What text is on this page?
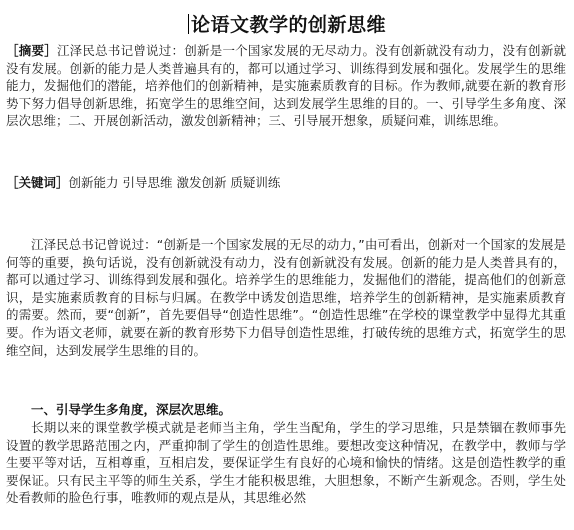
论语文教学的创新思维

［摘要］江泽民总书记曾说过：创新是一个国家发展的无尽动力。没有创新就没有动力，没有创新就没有发展。创新的能力是人类普遍具有的，都可以通过学习、训练得到发展和强化。发展学生的思维能力，发掘他们的潜能，培养他们的创新精神，是实施素质教育的目标。作为教师,就要在新的教育形势下努力倡导创新思维，拓宽学生的思维空间，达到发展学生思维的目的。一、引导学生多角度、深层次思维；二、开展创新活动，激发创新精神；三、引导展开想象，质疑问难，训练思维。

［关键词］创新能力 引导思维 激发创新 质疑训练

江泽民总书记曾说过：“创新是一个国家发展的无尽的动力，”由可看出，创新对一个国家的发展是何等的重要，换句话说，没有创新就没有动力，没有创新就没有发展。创新的能力是人类普具有的，都可以通过学习、训练得到发展和强化。培养学生的思维能力，发掘他们的潜能，提高他们的创新意识，是实施素质教育的目标与归属。在教学中诱发创造思维，培养学生的创新精神，是实施素质教育的需要。然而，要“创新”，首先要倡导“创造性思维”。“创造性思维”在学校的课堂教学中显得尤其重要。作为语文老师，就要在新的教育形势下力倡导创造性思维，打破传统的思维方式，拓宽学生的思维空间，达到发展学生思维的目的。

一、引导学生多角度，深层次思维。

长期以来的课堂教学模式就是老师当主角，学生当配角，学生的学习思维，只是禁锢在教师事先设置的教学思路范围之内，严重抑制了学生的创造性思维。要想改变这种情况，在教学中，教师与学生要平等对话，互相尊重，互相启发，要保证学生有良好的心境和愉快的情绪。这是创造性教学的重要保证。只有民主平等的师生关系，学生才能积极思维，大胆想象，不断产生新观念。否则，学生处处看教师的脸色行事，唯教师的观点是从，其思维必然
